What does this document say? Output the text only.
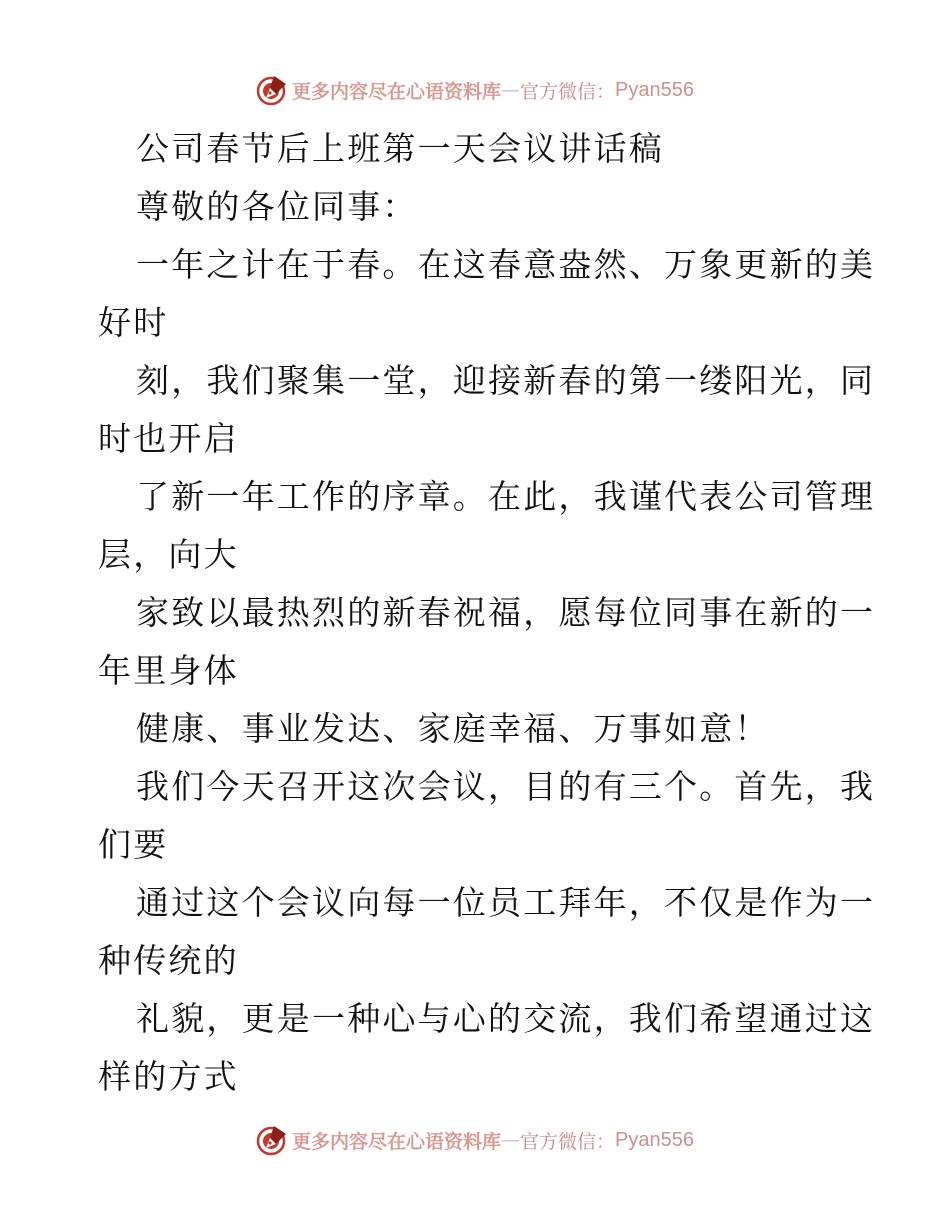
更多内容尽在心语资料库 — 官方微信： Pyan556
公司春节后上班第一天会议讲话稿
尊敬的各位同事：
一年之计在于春。在这春意盎然、万象更新的美
好时
刻，我们聚集一堂，迎接新春的第一缕阳光，同
时也开启
了新一年工作的序章。在此，我谨代表公司管理
层，向大
家致以最热烈的新春祝福，愿每位同事在新的一
年里身体
健康、事业发达、家庭幸福、万事如意！
我们今天召开这次会议，目的有三个。首先，我
们要
通过这个会议向每一位员工拜年，不仅是作为一
种传统的
礼貌，更是一种心与心的交流，我们希望通过这
样的方式
更多内容尽在心语资料库 — 官方微信： Pyan556
